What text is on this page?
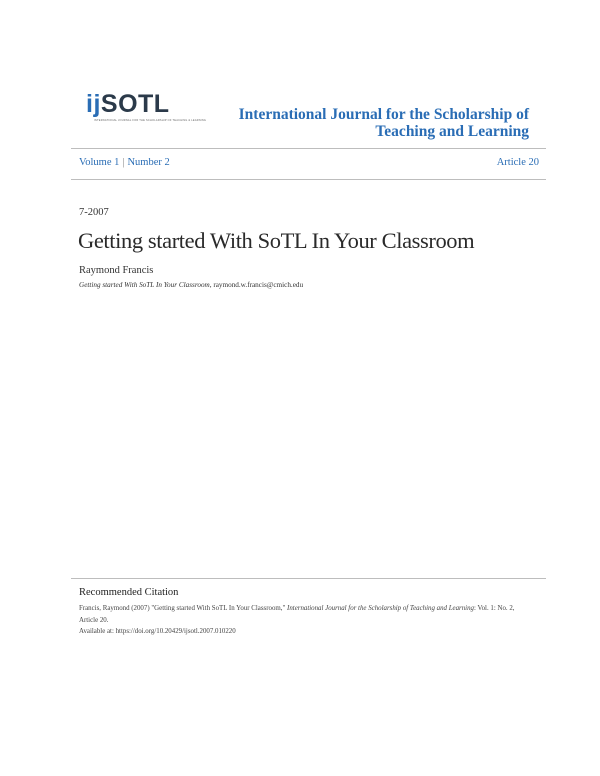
ijSOTL
INTERNATIONAL JOURNAL FOR THE SCHOLARSHIP OF TEACHING & LEARNING	International Journal for the Scholarship of
Teaching and Learning
Volume 1 | Number 2	Article 20
7-2007
Getting started With SoTL In Your Classroom
Raymond Francis
Getting started With SoTL In Your Classroom, raymond.w.francis@cmich.edu
Recommended Citation
Francis, Raymond (2007) "Getting started With SoTL In Your Classroom," International Journal for the Scholarship of Teaching and Learning: Vol. 1: No. 2, Article 20.
Available at: https://doi.org/10.20429/ijsotl.2007.010220
